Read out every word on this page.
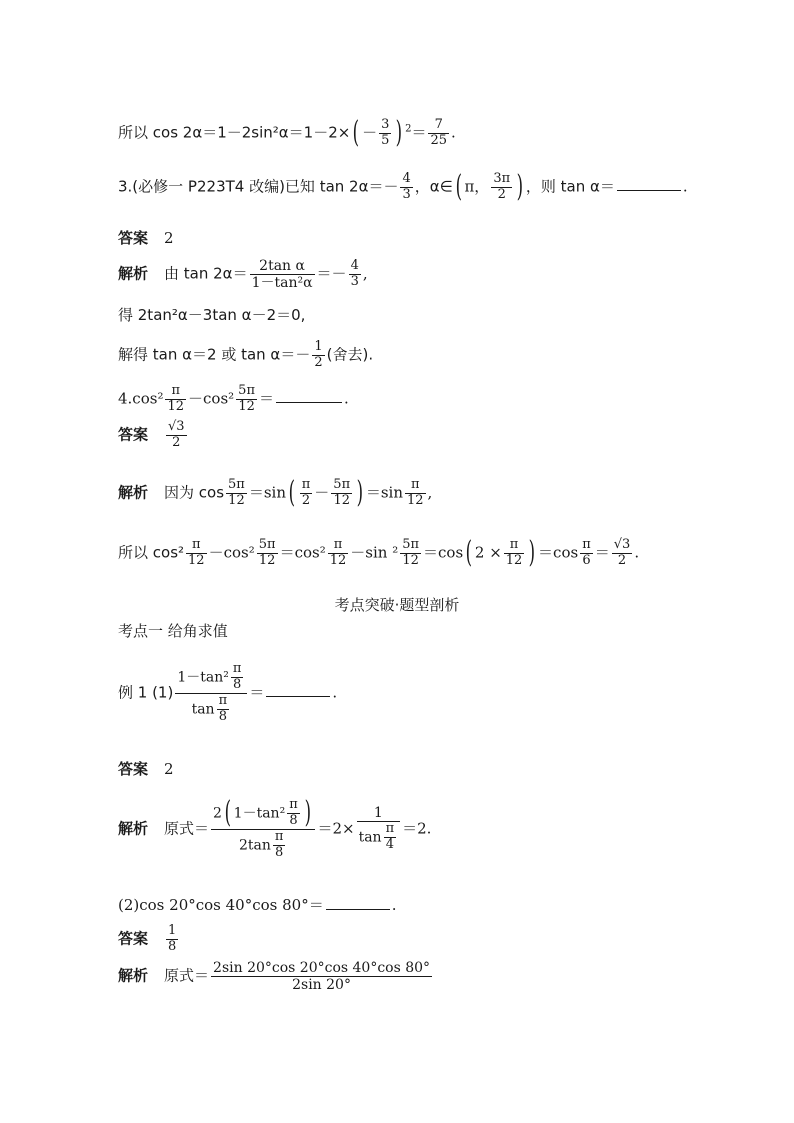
所以 $\cos 2\alpha=1-2\sin^2\alpha=1-2\times( - \frac{3}{5}$ ) $^2= \frac{7}{25}$ .
3.(必修一 P223T4 改编)已知 $\tan 2\alpha=- \frac{4}{3}$ ，α∈( π， $\frac{3\pi}{2}$ ) ，则 tan α＝	.
答案 2
解析 由 $\tan 2\alpha= \frac{\text{2tan α}}{\text{1－tan²α}} =- \frac{4}{3}$ ,
得 2tan²α－3tan α－2＝0,
解得 tan α＝2 或 $\tan \alpha=- \frac{1}{2}$ (舍去).
$4.\cos^2 \frac{\pi}{12} -\cos^2 \frac{5\pi}{12}$ ＝	.
答案 $\frac{√3}{2}$
解析 因为 $\cos \frac{5\pi}{12} =\sin( \frac{\pi}{2} - \frac{5\pi}{12}$ ) $=\sin \frac{\pi}{12}$ ,
所以 $\cos^2 \frac{\pi}{12} -\cos^2 \frac{5\pi}{12} =\cos^2 \frac{\pi}{12} -\sin$ $^2 \frac{5\pi}{12} =\cos$( $2 \times \frac{\pi}{12}$ ) $=\cos \frac{\pi}{6} = \frac{√3}{2}$ .
考点突破·题型剖析
考点一 给角求值
例 1 $(1) \frac{1-\tan^2 \frac{\pi}{8}}{\tan \frac{\pi}{8}}$ ＝	.
答案 2
解析 原式＝ $\frac{2( 1-\tan^2 \frac{\pi}{8} )}{2\tan \frac{\pi}{8}} =2\times \frac{1}{\tan \frac{\pi}{4}} =2$.
(2)cos 20°cos 40°cos 80°＝	.
答案 $\frac{1}{8}$
解析 原式＝ $\frac{2\sin 20^\circ\cos 20^\circ\cos 40^\circ\cos 80^\circ}{2\sin 20^\circ}$
